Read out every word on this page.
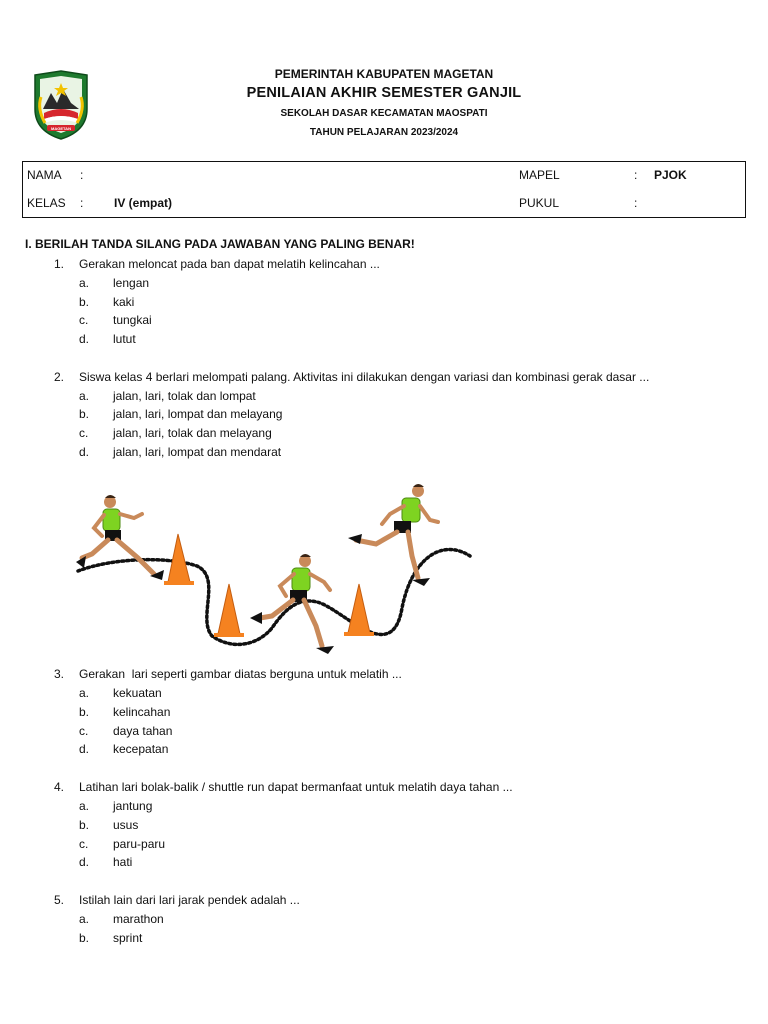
MAGETAN
PEMERINTAH KABUPATEN MAGETAN
PENILAIAN AKHIR SEMESTER GANJIL
SEKOLAH DASAR KECAMATAN MAOSPATI
TAHUN PELAJARAN 2023/2024
NAMA :
KELAS :	IV (empat)
MAPEL	: PJOK
PUKUL	:
I. BERILAH TANDA SILANG PADA JAWABAN YANG PALING BENAR!
1. Gerakan meloncat pada ban dapat melatih kelincahan ...
a. lengan
b. kaki
c. tungkai
d. lutut
2. Siswa kelas 4 berlari melompati palang. Aktivitas ini dilakukan dengan variasi dan kombinasi gerak dasar ...
a. jalan, lari, tolak dan lompat
b. jalan, lari, lompat dan melayang
c. jalan, lari, tolak dan melayang
d. jalan, lari, lompat dan mendarat
3. Gerakan  lari seperti gambar diatas berguna untuk melatih ...
a. kekuatan
b. kelincahan
c. daya tahan
d. kecepatan
4. Latihan lari bolak-balik / shuttle run dapat bermanfaat untuk melatih daya tahan ...
a. jantung
b. usus
c. paru-paru
d. hati
5. Istilah lain dari lari jarak pendek adalah ...
a. marathon
b. sprint
